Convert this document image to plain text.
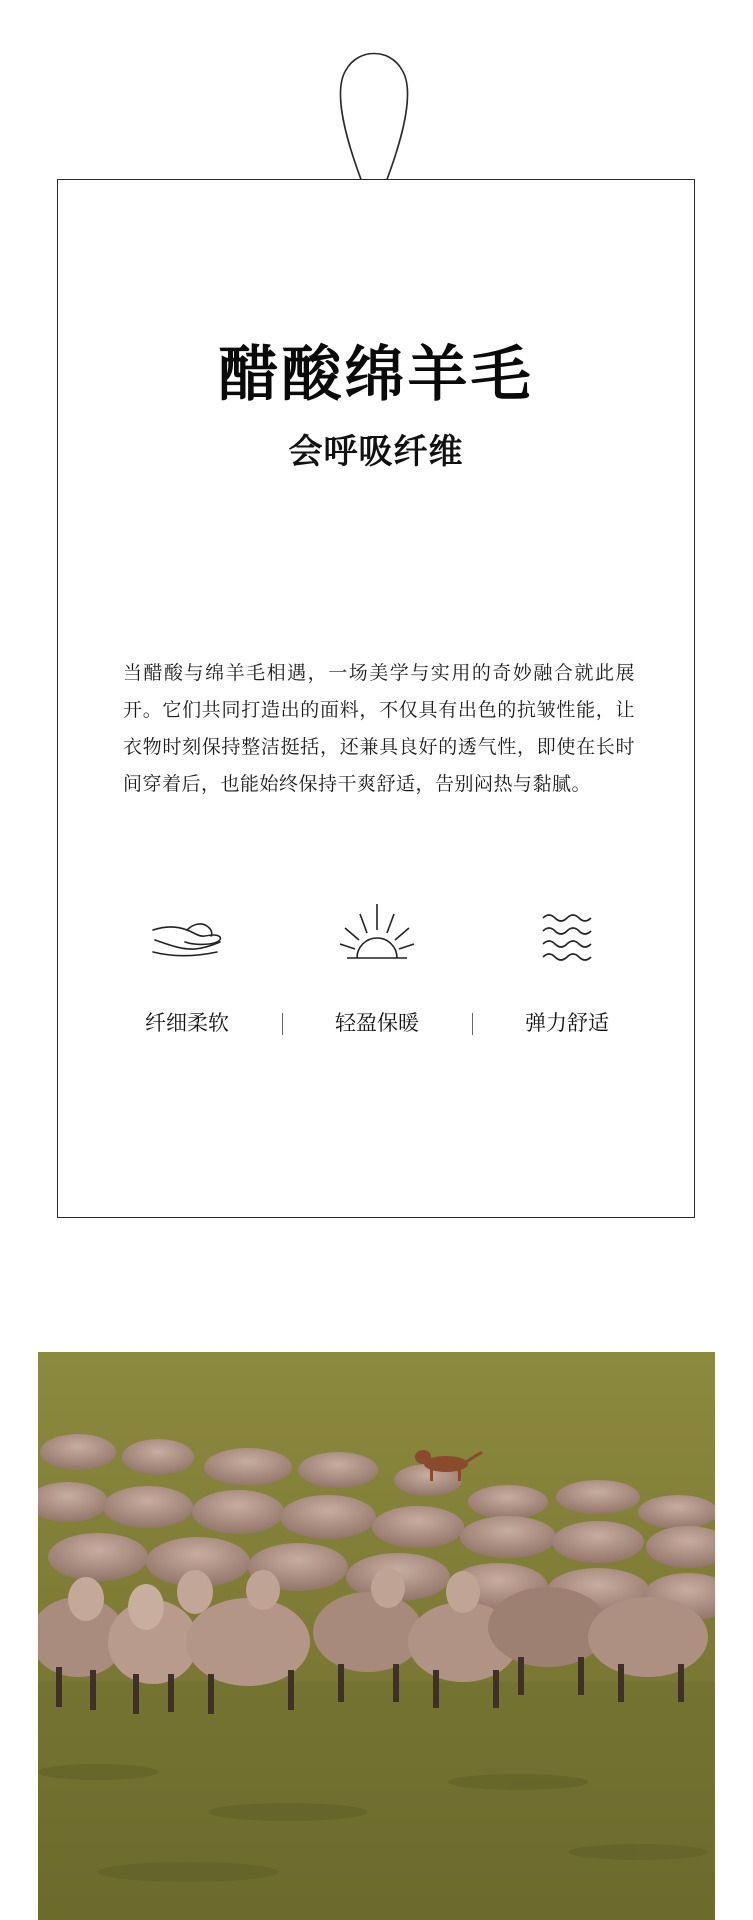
醋酸绵羊毛
会呼吸纤维
当醋酸与绵羊毛相遇，一场美学与实用的奇妙融合就此展开。它们共同打造出的面料，不仅具有出色的抗皱性能，让衣物时刻保持整洁挺括，还兼具良好的透气性，即使在长时间穿着后，也能始终保持干爽舒适，告别闷热与黏腻。
纤细柔软	轻盈保暖	弹力舒适
